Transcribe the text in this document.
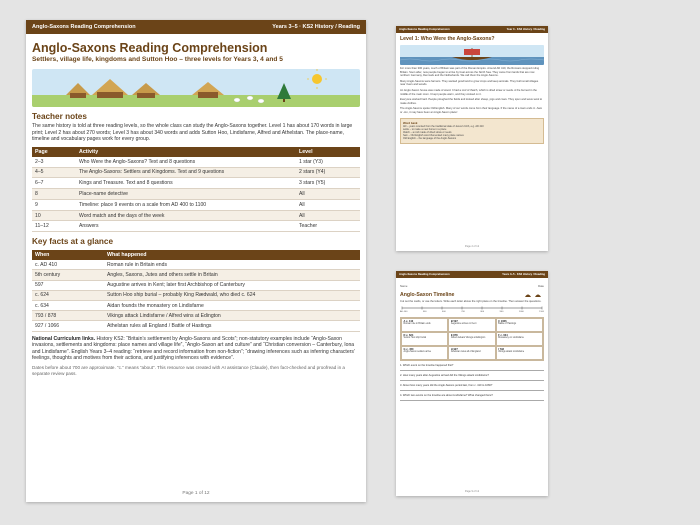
Anglo-Saxons Reading Comprehension	Years 3–5 · KS2 History / Reading
Anglo-Saxons Reading Comprehension
Settlers, village life, kingdoms and Sutton Hoo – three levels for Years 3, 4 and 5
Teacher notes
The same history is told at three reading levels, so the whole class can study the Anglo-Saxons together. Level 1 has about 170 words in large print; Level 2 has about 270 words; Level 3 has about 340 words and adds Sutton Hoo, Lindisfarne, Alfred and Athelstan. The place-name, timeline and vocabulary pages work for every group.
Page	Activity	Level
2–3	Who Were the Anglo-Saxons? Text and 8 questions	1 star (Y3)
4–5	The Anglo-Saxons: Settlers and Kingdoms. Text and 9 questions	2 stars (Y4)
6–7	Kings and Treasure. Text and 8 questions	3 stars (Y5)
8	Place-name detective	All
9	Timeline: place 9 events on a scale from AD 400 to 1100	All
10	Word match and the days of the week	All
11–12	Answers	Teacher
Key facts at a glance
When	What happened
c. AD 410	Roman rule in Britain ends
5th century	Angles, Saxons, Jutes and others settle in Britain
597	Augustine arrives in Kent; later first Archbishop of Canterbury
c. 624	Sutton Hoo ship burial – probably King Rædwald, who died c. 624
c. 634	Aidan founds the monastery on Lindisfarne
793 / 878	Vikings attack Lindisfarne / Alfred wins at Edington
927 / 1066	Athelstan rules all England / Battle of Hastings
National Curriculum links. History KS2: “Britain’s settlement by Anglo-Saxons and Scots”; non-statutory examples include “Anglo-Saxon invasions, settlements and kingdoms: place names and village life”, “Anglo-Saxon art and culture” and “Christian conversion – Canterbury, Iona and Lindisfarne”. English Years 3–4 reading: “retrieve and record information from non-fiction”; “drawing inferences such as inferring characters’ feelings, thoughts and motives from their actions, and justifying inferences with evidence”.
Dates before about 700 are approximate. “c.” means “about”. This resource was created with AI assistance (Claude), then fact-checked and proofread in a separate review pass.
Page 1 of 12
Anglo-Saxons Reading Comprehension	Year 3 · KS2 History / Reading
Level 1: Who Were the Anglo-Saxons?
For more than 300 years, much of Britain was part of the Roman Empire. Around AD 410, the Romans stopped ruling Britain. Soon after, new people began to arrive by boat across the North Sea. They came from lands that are now northern Germany, Denmark and the Netherlands. We call them the Anglo-Saxons.
Many Anglo-Saxons were farmers. They wanted good land to grow crops and keep animals. They built small villages near rivers and woods.
An Anglo-Saxon house was made of wood. It had a roof of thatch, which is dried straw or reeds. A fire burned in the middle of the main room. It kept people warm, and they cooked on it.
Everyone worked hard. People ploughed the fields and looked after sheep, pigs and cows. They spun and wove wool to make clothes.
The Anglo-Saxons spoke Old English. Many of our words come from their language. If the name of a town ends in -ham or -ton, it may have been an Anglo-Saxon place!
Word bank
AD – years counted from the traditional date of Jesus's birth, e.g. AD 410
settle – to make a new home in a place
thatch – a roof made of dried straw or reeds
ham – Old English word that ended many place names
Old English – the language of the Anglo-Saxons
Page 2 of 12
Anglo-Saxons Reading Comprehension	Years 3–5 · KS2 History / Reading
Name	Date
Anglo-Saxon Timeline
Cut out the cards, or use the letters. Write each letter above the right place on the timeline. Then answer the questions.
AD 400	500	600	700	800	900	1000	1100
A c. 410
Roman rule in Britain ends
B 597
Augustine arrives in Kent
C 1066
Battle of Hastings
D c. 624
Sutton Hoo ship burial
E 878
Alfred defeats Vikings at Edington
F c. 634
Monastery on Lindisfarne
G c. 450
Anglo-Saxon settlers arrive
H 927
Athelstan rules all of England
I 793
Vikings attack Lindisfarne
1. Which event on the timeline happened first?
2. How many years after Augustine arrived did the Vikings attack Lindisfarne?
3. About how many years did the Anglo-Saxons period last, from c. 410 to 1066?
4. Which two events on the timeline are about Lindisfarne? What changed there?
Page 9 of 12
